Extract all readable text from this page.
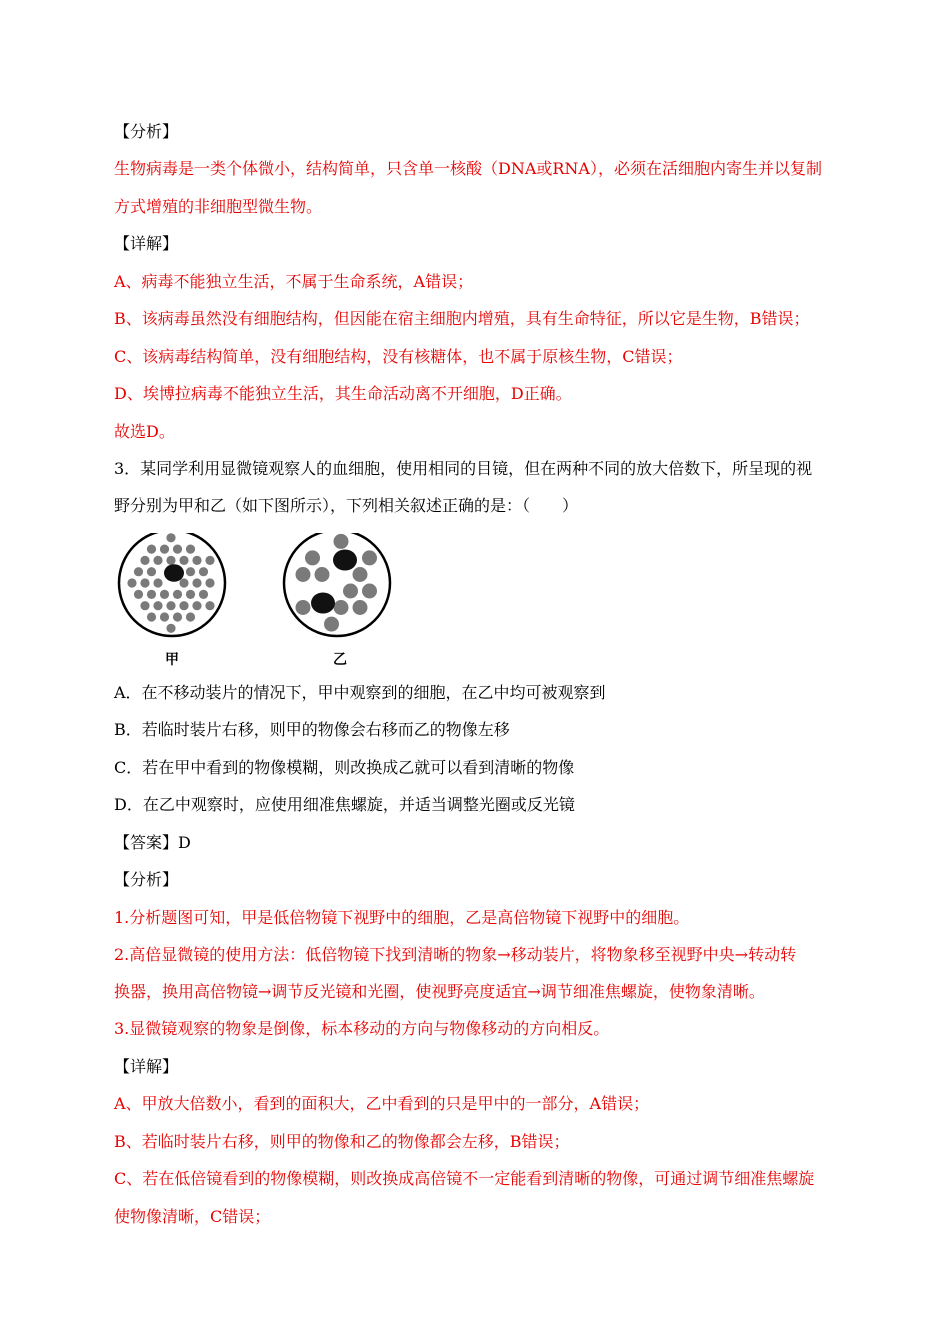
【分析】
生物病毒是一类个体微小，结构简单，只含单一核酸（DNA或RNA），必须在活细胞内寄生并以复制
方式增殖的非细胞型微生物。
【详解】
A、病毒不能独立生活，不属于生命系统，A错误；
B、该病毒虽然没有细胞结构，但因能在宿主细胞内增殖，具有生命特征，所以它是生物，B错误；
C、该病毒结构简单，没有细胞结构，没有核糖体，也不属于原核生物，C错误；
D、埃博拉病毒不能独立生活，其生命活动离不开细胞，D正确。
故选D。
3．某同学利用显微镜观察人的血细胞，使用相同的目镜，但在两种不同的放大倍数下，所呈现的视
野分别为甲和乙（如下图所示），下列相关叙述正确的是：（　　）
甲	乙
A．在不移动装片的情况下，甲中观察到的细胞，在乙中均可被观察到
B．若临时装片右移，则甲的物像会右移而乙的物像左移
C．若在甲中看到的物像模糊，则改换成乙就可以看到清晰的物像
D．在乙中观察时，应使用细准焦螺旋，并适当调整光圈或反光镜
【答案】D
【分析】
1.分析题图可知，甲是低倍物镜下视野中的细胞，乙是高倍物镜下视野中的细胞。
2.高倍显微镜的使用方法：低倍物镜下找到清晰的物象→移动装片，将物象移至视野中央→转动转
换器，换用高倍物镜→调节反光镜和光圈，使视野亮度适宜→调节细准焦螺旋，使物象清晰。
3.显微镜观察的物象是倒像，标本移动的方向与物像移动的方向相反。
【详解】
A、甲放大倍数小，看到的面积大，乙中看到的只是甲中的一部分，A错误；
B、若临时装片右移，则甲的物像和乙的物像都会左移，B错误；
C、若在低倍镜看到的物像模糊，则改换成高倍镜不一定能看到清晰的物像，可通过调节细准焦螺旋
使物像清晰，C错误；
